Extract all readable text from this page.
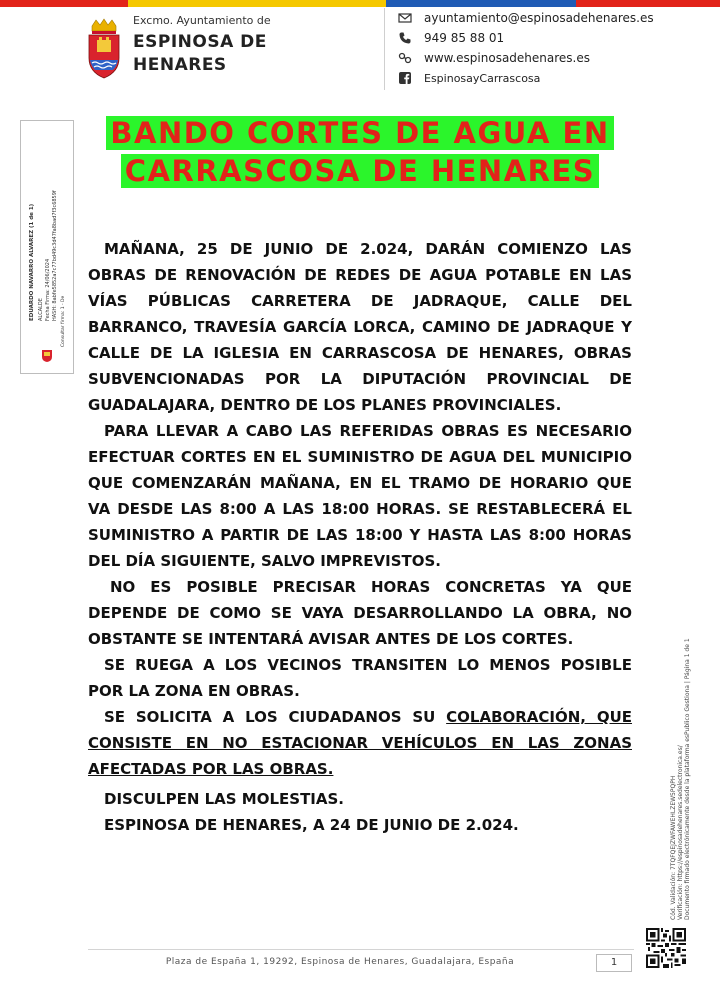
Excmo. Ayuntamiento de
ESPINOSA DE
HENARES
ayuntamiento@espinosadehenares.es
949 85 88 01
www.espinosadehenares.es
EspinosayCarrascosa
EDUARDO NAVARRO ALVAREZ (1 de 1) ALCALDE Fecha Firma: 24/06/2024 HASH: 8abfe5852a7c77bd49c3d47fa8bad7f3c6859f
Consultar firma: 1 - De
BANDO CORTES DE AGUA EN
CARRASCOSA DE HENARES

MAÑANA, 25 DE JUNIO DE 2.024, DARÁN COMIENZO LAS OBRAS DE RENOVACIÓN DE REDES DE AGUA POTABLE EN LAS VÍAS PÚBLICAS CARRETERA DE JADRAQUE, CALLE DEL BARRANCO, TRAVESÍA GARCÍA LORCA, CAMINO DE JADRAQUE Y CALLE DE LA IGLESIA EN CARRASCOSA DE HENARES, OBRAS SUBVENCIONADAS POR LA DIPUTACIÓN PROVINCIAL DE GUADALAJARA, DENTRO DE LOS PLANES PROVINCIALES.

PARA LLEVAR A CABO LAS REFERIDAS OBRAS ES NECESARIO EFECTUAR CORTES EN EL SUMINISTRO DE AGUA DEL MUNICIPIO QUE COMENZARÁN MAÑANA, EN EL TRAMO DE HORARIO QUE VA DESDE LAS 8:00 A LAS 18:00 HORAS. SE RESTABLECERÁ EL SUMINISTRO A PARTIR DE LAS 18:00 Y HASTA LAS 8:00 HORAS DEL DÍA SIGUIENTE, SALVO IMPREVISTOS.

NO ES POSIBLE PRECISAR HORAS CONCRETAS YA QUE DEPENDE DE COMO SE VAYA DESARROLLANDO LA OBRA, NO OBSTANTE SE INTENTARÁ AVISAR ANTES DE LOS CORTES.

SE RUEGA A LOS VECINOS TRANSITEN LO MENOS POSIBLE POR LA ZONA EN OBRAS.

SE SOLICITA A LOS CIUDADANOS SU COLABORACIÓN, QUE CONSISTE EN NO ESTACIONAR VEHÍCULOS EN LAS ZONAS AFECTADAS POR LAS OBRAS.

DISCULPEN LAS MOLESTIAS.
ESPINOSA DE HENARES, A 24 DE JUNIO DE 2.024.	Cód. Validación: 7TQFQEJZWFAWEHLZEW5PQPH Verificación: https://espinosadehenares.sedelectronica.es/ Documento firmado electrónicamente desde la plataforma esPublico Gestiona | Página 1 de 1
Plaza de España 1, 19292, Espinosa de Henares, Guadalajara, España	1
